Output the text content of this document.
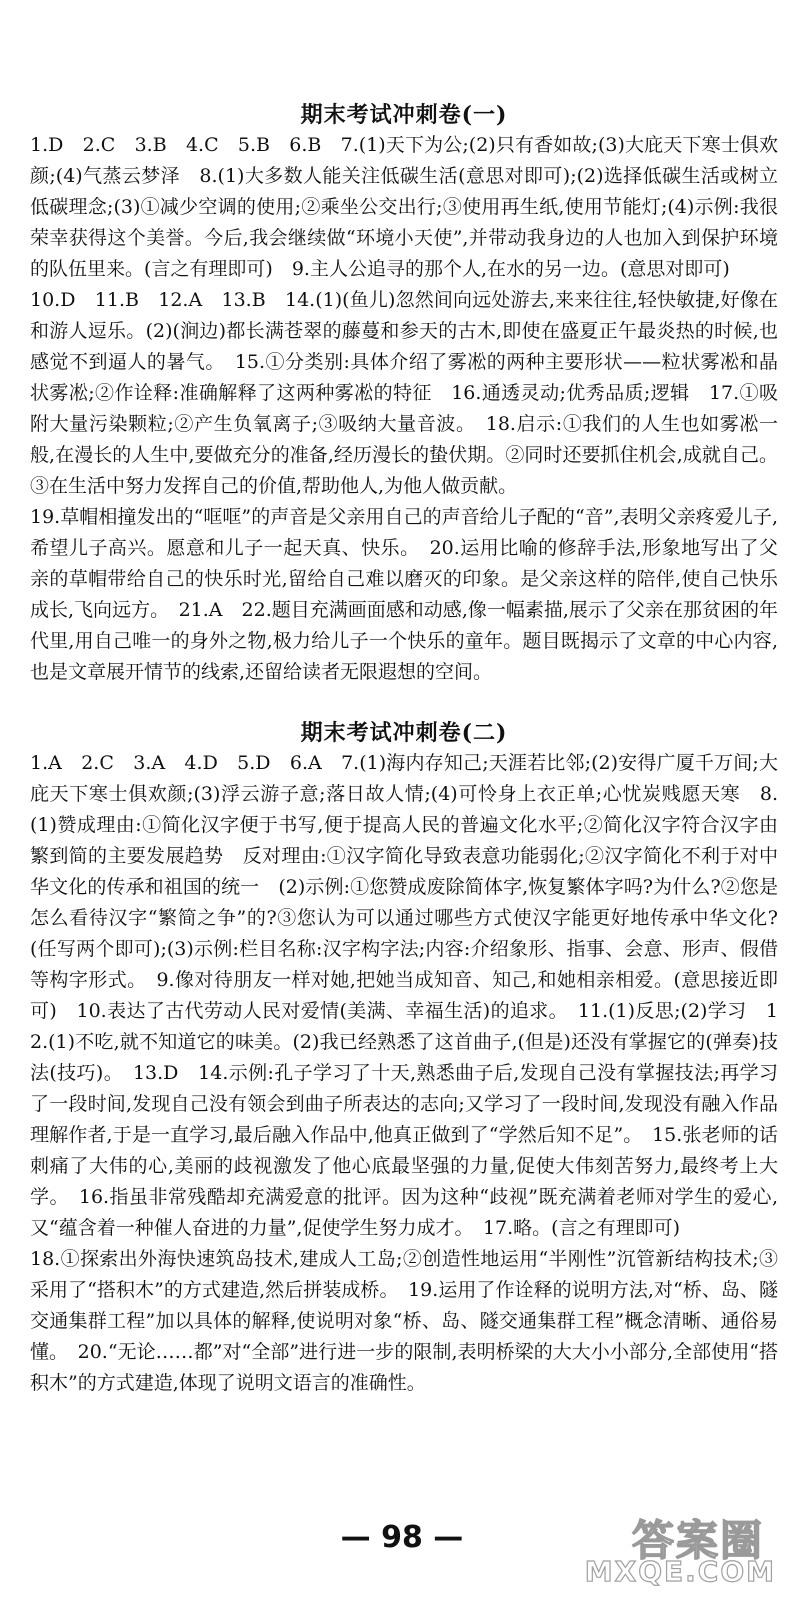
期末考试冲刺卷(一)

1.D　2.C　3.B　4.C　5.B　6.B　7.(1)天下为公;(2)只有香如故;(3)大庇天下寒士俱欢颜;(4)气蒸云梦泽　8.(1)大多数人能关注低碳生活(意思对即可);(2)选择低碳生活或树立低碳理念;(3)①减少空调的使用;②乘坐公交出行;③使用再生纸,使用节能灯;(4)示例:我很荣幸获得这个美誉。今后,我会继续做“环境小天使”,并带动我身边的人也加入到保护环境的队伍里来。(言之有理即可)　9.主人公追寻的那个人,在水的另一边。(意思对即可)

10.D　11.B　12.A　13.B　14.(1)(鱼儿)忽然间向远处游去,来来往往,轻快敏捷,好像在和游人逗乐。(2)(涧边)都长满苍翠的藤蔓和参天的古木,即使在盛夏正午最炎热的时候,也感觉不到逼人的暑气。　15.①分类别:具体介绍了雾凇的两种主要形状——粒状雾凇和晶状雾凇;②作诠释:准确解释了这两种雾凇的特征　16.通透灵动;优秀品质;逻辑　17.①吸附大量污染颗粒;②产生负氧离子;③吸纳大量音波。　18.启示:①我们的人生也如雾凇一般,在漫长的人生中,要做充分的准备,经历漫长的蛰伏期。②同时还要抓住机会,成就自己。③在生活中努力发挥自己的价值,帮助他人,为他人做贡献。

19.草帽相撞发出的“哐哐”的声音是父亲用自己的声音给儿子配的“音”,表明父亲疼爱儿子,希望儿子高兴。愿意和儿子一起天真、快乐。　20.运用比喻的修辞手法,形象地写出了父亲的草帽带给自己的快乐时光,留给自己难以磨灭的印象。是父亲这样的陪伴,使自己快乐成长,飞向远方。　21.A　22.题目充满画面感和动感,像一幅素描,展示了父亲在那贫困的年代里,用自己唯一的身外之物,极力给儿子一个快乐的童年。题目既揭示了文章的中心内容,也是文章展开情节的线索,还留给读者无限遐想的空间。

期末考试冲刺卷(二)

1.A　2.C　3.A　4.D　5.D　6.A　7.(1)海内存知己;天涯若比邻;(2)安得广厦千万间;大庇天下寒士俱欢颜;(3)浮云游子意;落日故人情;(4)可怜身上衣正单;心忧炭贱愿天寒　8.(1)赞成理由:①简化汉字便于书写,便于提高人民的普遍文化水平;②简化汉字符合汉字由繁到简的主要发展趋势　反对理由:①汉字简化导致表意功能弱化;②汉字简化不利于对中华文化的传承和祖国的统一　(2)示例:①您赞成废除简体字,恢复繁体字吗?为什么?②您是怎么看待汉字“繁简之争”的?③您认为可以通过哪些方式使汉字能更好地传承中华文化?(任写两个即可);(3)示例:栏目名称:汉字构字法;内容:介绍象形、指事、会意、形声、假借等构字形式。　9.像对待朋友一样对她,把她当成知音、知己,和她相亲相爱。(意思接近即可)　10.表达了古代劳动人民对爱情(美满、幸福生活)的追求。　11.(1)反思;(2)学习　12.(1)不吃,就不知道它的味美。(2)我已经熟悉了这首曲子,(但是)还没有掌握它的(弹奏)技法(技巧)。　13.D　14.示例:孔子学习了十天,熟悉曲子后,发现自己没有掌握技法;再学习了一段时间,发现自己没有领会到曲子所表达的志向;又学习了一段时间,发现没有融入作品理解作者,于是一直学习,最后融入作品中,他真正做到了“学然后知不足”。　15.张老师的话刺痛了大伟的心,美丽的歧视激发了他心底最坚强的力量,促使大伟刻苦努力,最终考上大学。　16.指虽非常残酷却充满爱意的批评。因为这种“歧视”既充满着老师对学生的爱心,又“蕴含着一种催人奋进的力量”,促使学生努力成才。　17.略。(言之有理即可)

18.①探索出外海快速筑岛技术,建成人工岛;②创造性地运用“半刚性”沉管新结构技术;③采用了“搭积木”的方式建造,然后拼装成桥。　19.运用了作诠释的说明方法,对“桥、岛、隧交通集群工程”加以具体的解释,使说明对象“桥、岛、隧交通集群工程”概念清晰、通俗易懂。　20.“无论……都”对“全部”进行进一步的限制,表明桥梁的大大小小部分,全部使用“搭积木”的方式建造,体现了说明文语言的准确性。

— 98 —	答案圈
MXQE.COM
